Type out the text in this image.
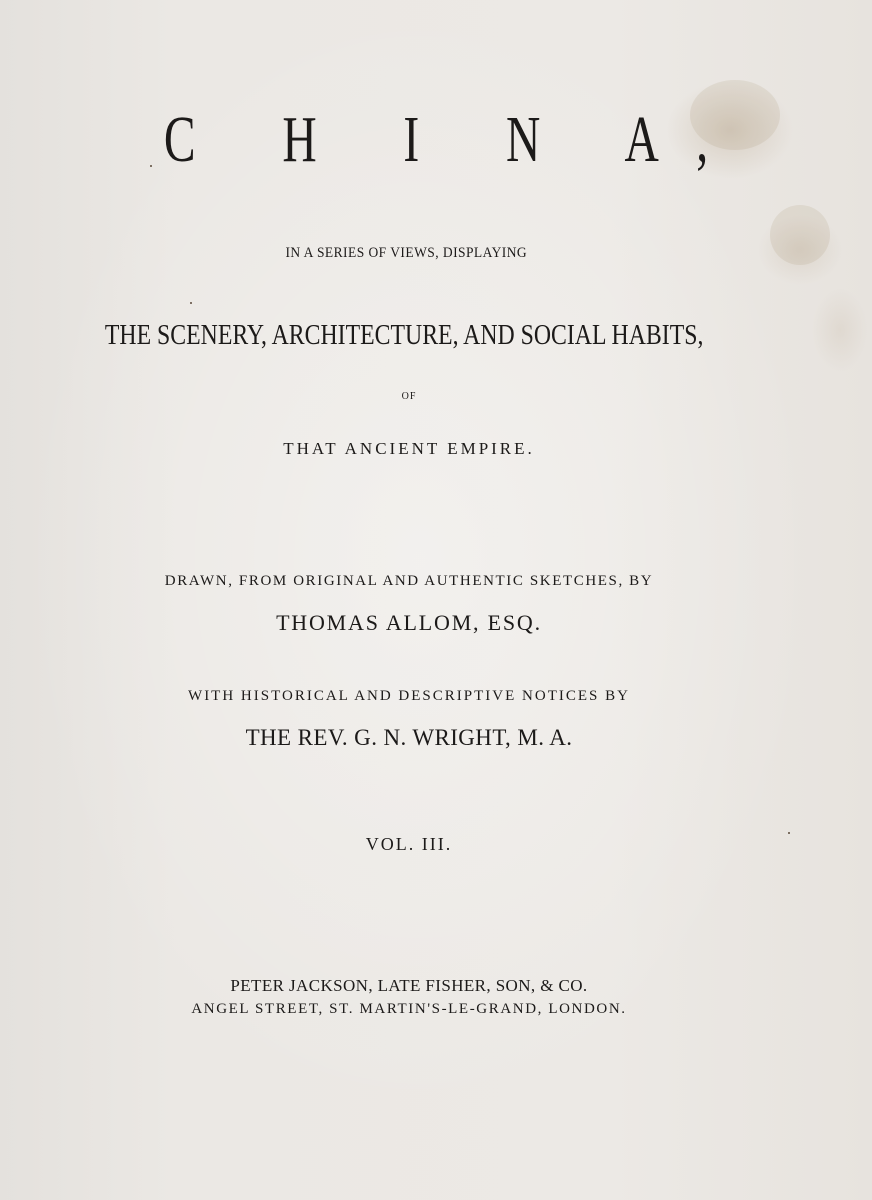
C H I N A,
IN A SERIES OF VIEWS, DISPLAYING
THE SCENERY, ARCHITECTURE, AND SOCIAL HABITS,
OF
THAT ANCIENT EMPIRE.
DRAWN, FROM ORIGINAL AND AUTHENTIC SKETCHES, BY
THOMAS ALLOM, ESQ.
WITH HISTORICAL AND DESCRIPTIVE NOTICES BY
THE REV. G. N. WRIGHT, M. A.
VOL. III.
PETER JACKSON, LATE FISHER, SON, & CO.
ANGEL STREET, ST. MARTIN'S-LE-GRAND, LONDON.
